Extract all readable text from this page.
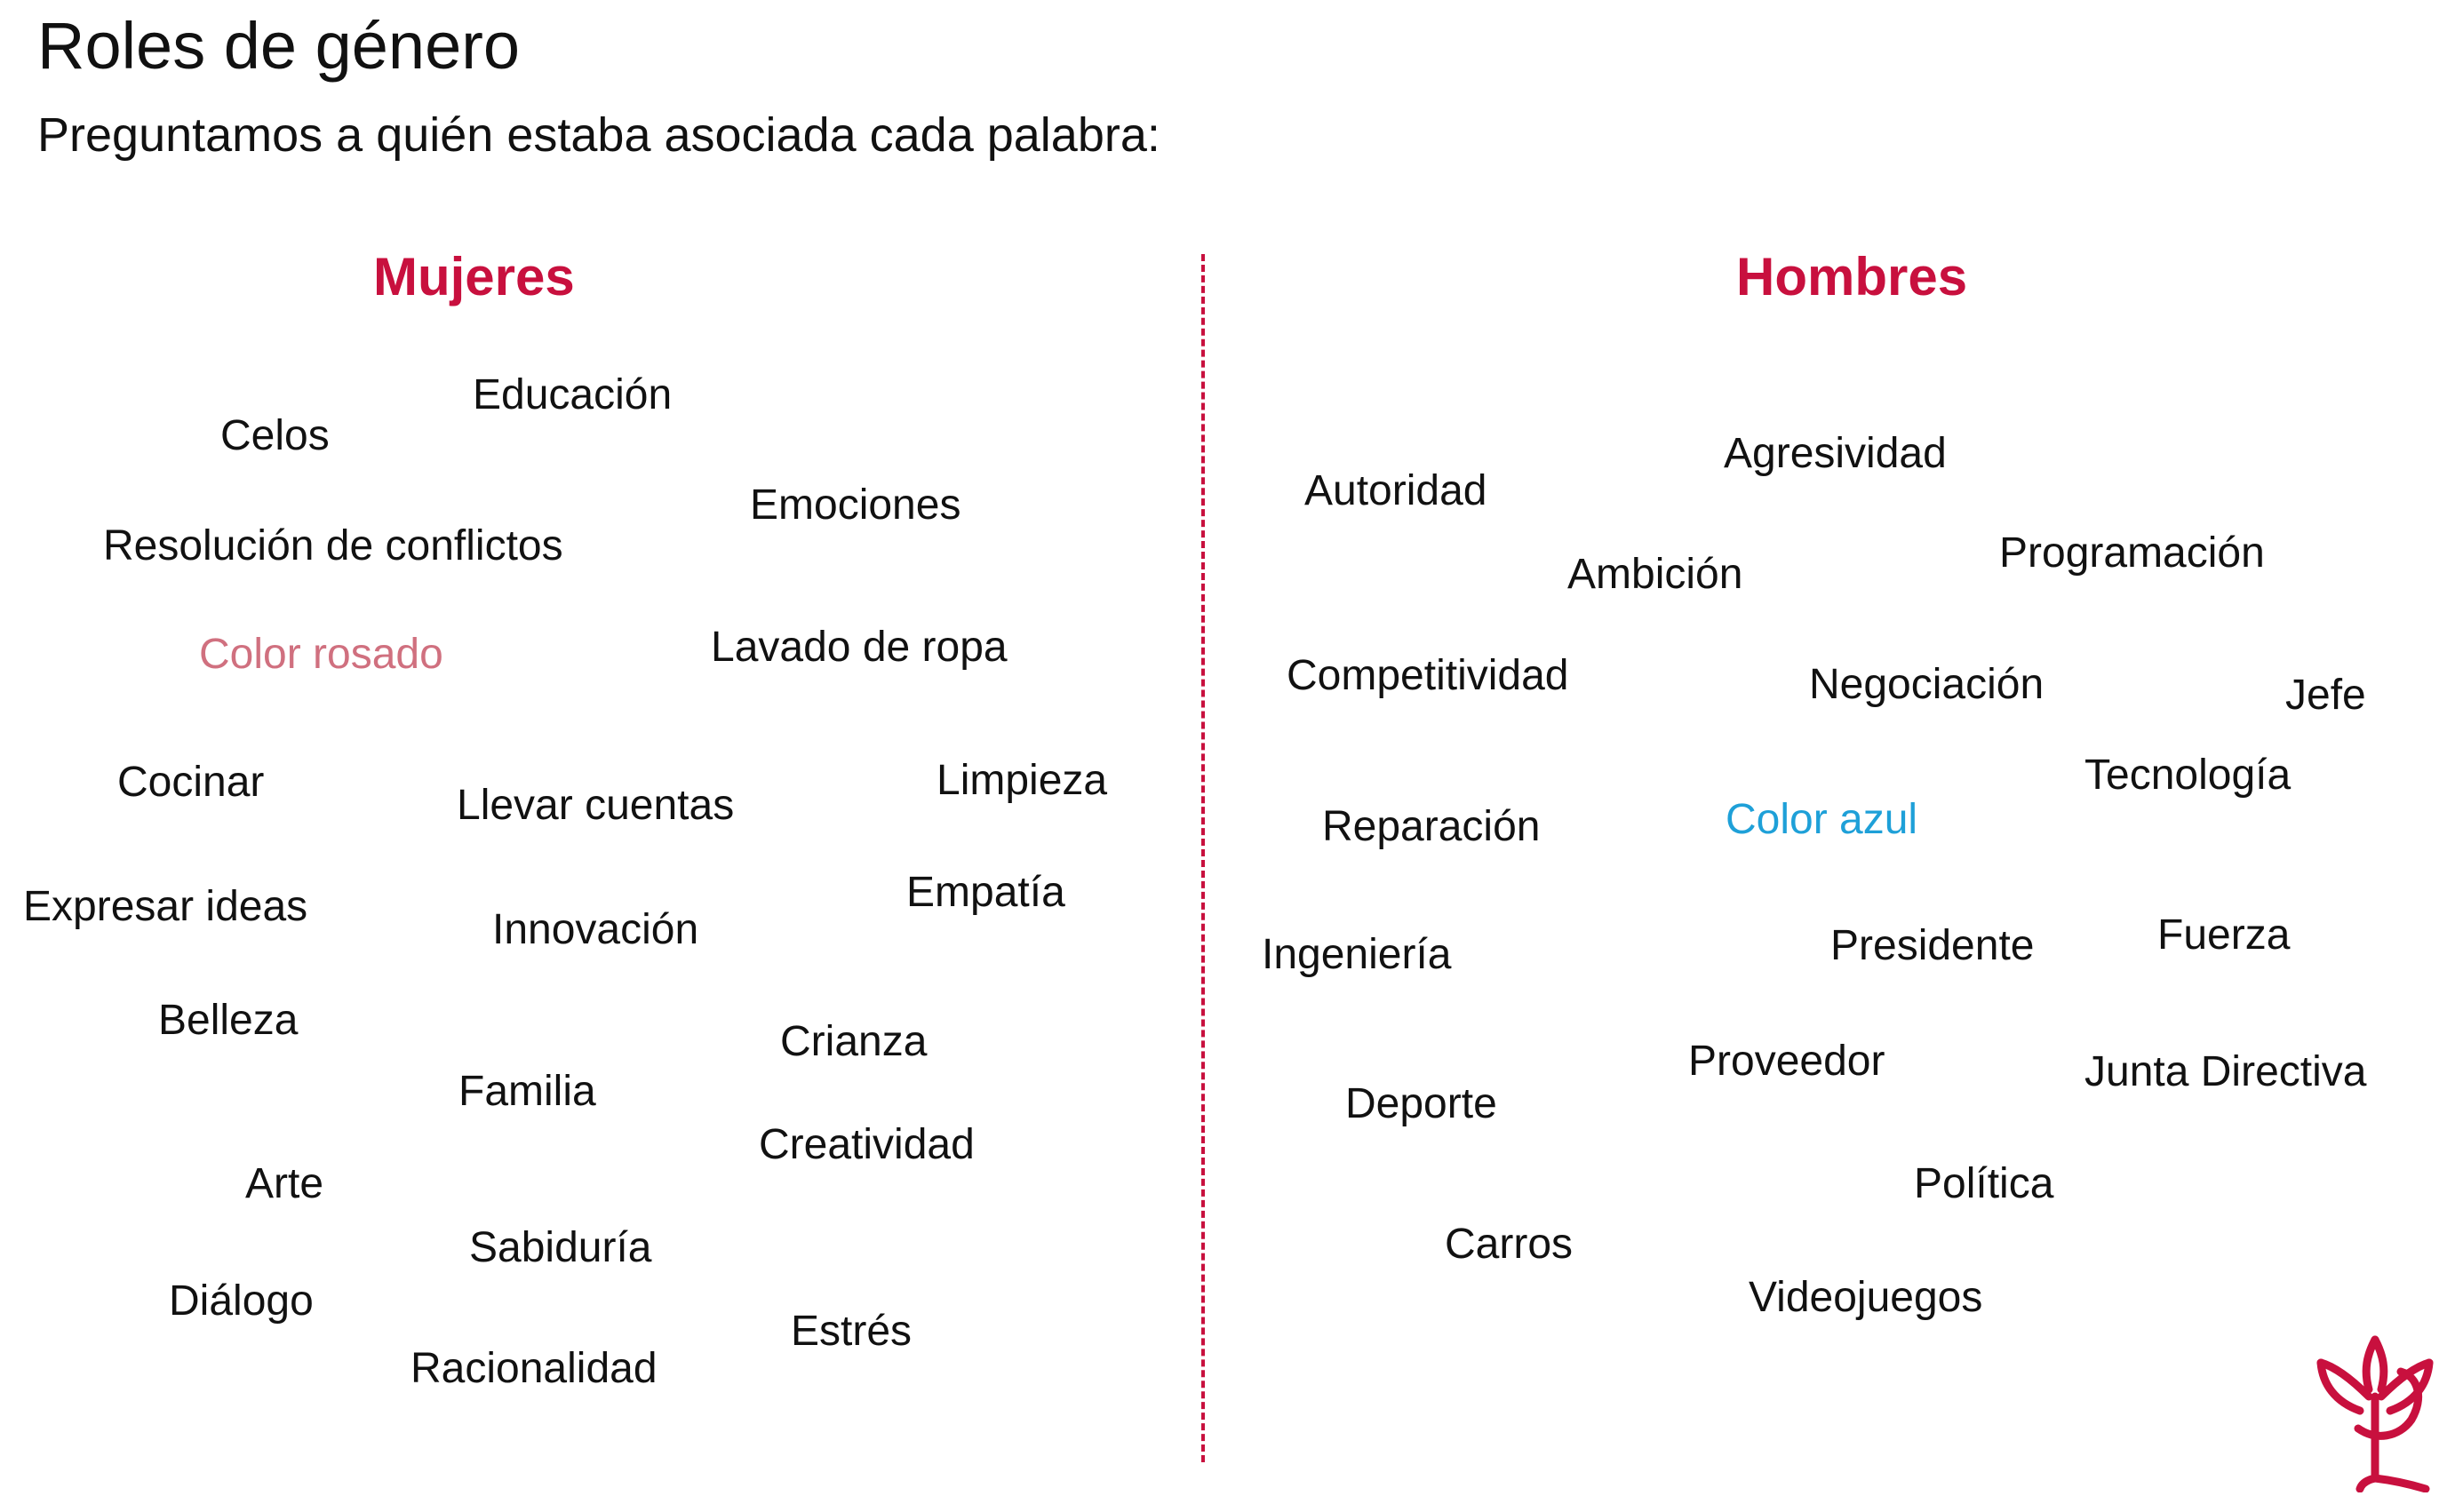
Roles de género
Preguntamos a quién estaba asociada cada palabra:
Mujeres	Hombres
Educación
Celos
Emociones
Resolución de conflictos
Color rosado	Lavado de ropa
Cocinar	Llevar cuentas
Limpieza
Expresar ideas	Empatía
Innovación
Belleza	Crianza
Familia
Creatividad
Arte
Sabiduría
Diálogo
Estrés
Racionalidad
Agresividad
Autoridad
Ambición	Programación
Competitividad	Negociación	Jefe
Tecnología
Reparación	Color azul
Ingeniería	Presidente	Fuerza
Proveedor	Junta Directiva
Deporte
Política
Carros
Videojuegos
